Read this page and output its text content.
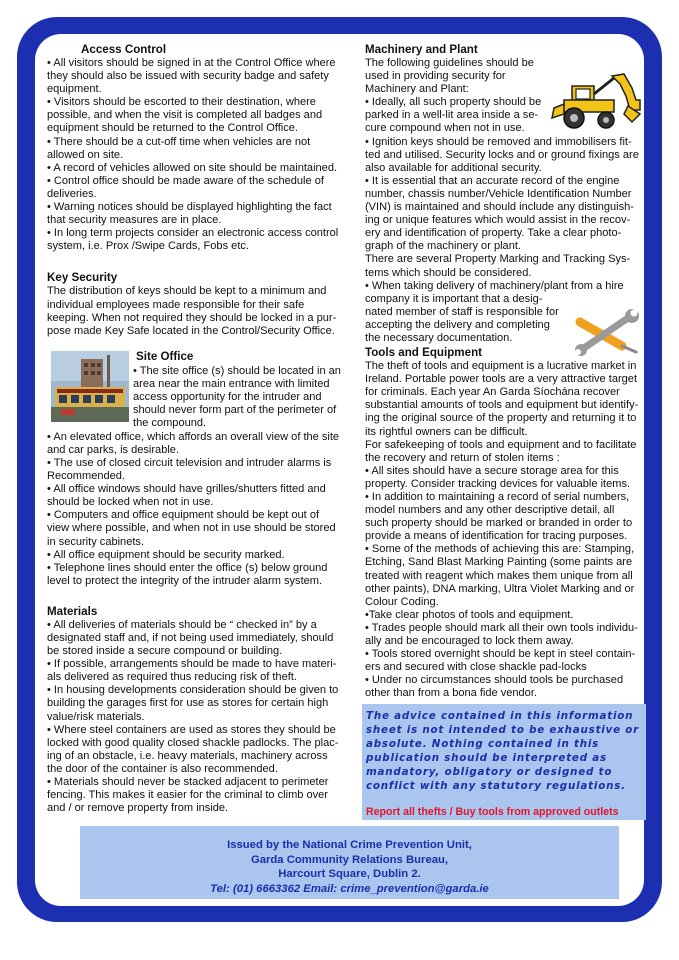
Access Control

• All visitors should be signed in at the Control Office where

they should also be issued with security badge and safety

equipment.

• Visitors should be escorted to their destination, where

possible, and when the visit is completed all badges and

equipment should be returned to the Control Office.

• There should be a cut-off time when vehicles are not

allowed on site.

• A record of vehicles allowed on site should be maintained.

• Control office should be made aware of the schedule of

deliveries.

• Warning notices should be displayed highlighting the fact

that security measures are in place.

• In long term projects consider an electronic access control

system, i.e. Prox /Swipe Cards, Fobs etc.

Key Security

The distribution of keys should be kept to a minimum and

individual employees made responsible for their safe

keeping. When not required they should be locked in a pur-

pose made Key Safe located in the Control/Security Office.

Site Office

• The site office (s) should be located in an

area near the main entrance with limited

access opportunity for the intruder and

should never form part of the perimeter of

the compound.

• An elevated office, which affords an overall view of the site

and car parks, is desirable.

• The use of closed circuit television and intruder alarms is

Recommended.

• All office windows should have grilles/shutters fitted and

should be locked when not in use.

• Computers and office equipment should be kept out of

view where possible, and when not in use should be stored

in security cabinets.

• All office equipment should be security marked.

• Telephone lines should enter the office (s) below ground

level to protect the integrity of the intruder alarm system.

Materials

• All deliveries of materials should be “ checked in” by a

designated staff and, if not being used immediately, should

be stored inside a secure compound or building.

• If possible, arrangements should be made to have materi-

als delivered as required thus reducing risk of theft.

• In housing developments consideration should be given to

building the garages first for use as stores for certain high

value/risk materials.

• Where steel containers are used as stores they should be

locked with good quality closed shackle padlocks. The plac-

ing of an obstacle, i.e. heavy materials, machinery across

the door of the container is also recommended.

• Materials should never be stacked adjacent to perimeter

fencing. This makes it easier for the criminal to climb over

and / or remove property from inside.

Machinery and Plant

The following guidelines should be

used in providing security for

Machinery and Plant:

• Ideally, all such property should be

parked in a well-lit area inside a se-

cure compound when not in use.

• Ignition keys should be removed and immobilisers fit-

ted and utilised. Security locks and or ground fixings are

also available for additional security.

• It is essential that an accurate record of the engine

number, chassis number/Vehicle Identification Number

(VIN) is maintained and should include any distinguish-

ing or unique features which would assist in the recov-

ery and identification of property. Take a clear photo-

graph of the machinery or plant.

There are several Property Marking and Tracking Sys-

tems which should be considered.

• When taking delivery of machinery/plant from a hire

company it is important that a desig-

nated member of staff is responsible for

accepting the delivery and completing

the necessary documentation.

Tools and Equipment

The theft of tools and equipment is a lucrative market in

Ireland. Portable power tools are a very attractive target

for criminals. Each year An Garda Síochána recover

substantial amounts of tools and equipment but identify-

ing the original source of the property and returning it to

its rightful owners can be difficult.

For safekeeping of tools and equipment and to facilitate

the recovery and return of stolen items :

• All sites should have a secure storage area for this

property. Consider tracking devices for valuable items.

• In addition to maintaining a record of serial numbers,

model numbers and any other descriptive detail, all

such property should be marked or branded in order to

provide a means of identification for tracing purposes.

• Some of the methods of achieving this are: Stamping,

Etching, Sand Blast Marking Painting (some paints are

treated with reagent which makes them unique from all

other paints), DNA marking, Ultra Violet Marking and or

Colour Coding.

•Take clear photos of tools and equipment.

• Trades people should mark all their own tools individu-

ally and be encouraged to lock them away.

• Tools stored overnight should be kept in steel contain-

ers and secured with close shackle pad-locks

• Under no circumstances should tools be purchased

other than from a bona fide vendor.

The advice contained in this information

sheet is not intended to be exhaustive or

absolute. Nothing contained in this

publication should be interpreted as

mandatory, obligatory or designed to

conflict with any statutory regulations.

Report all thefts / Buy tools from approved outlets

Issued by the National Crime Prevention Unit,
Garda Community Relations Bureau,
Harcourt Square, Dublin 2.
Tel: (01) 6663362 Email: crime_prevention@garda.ie
